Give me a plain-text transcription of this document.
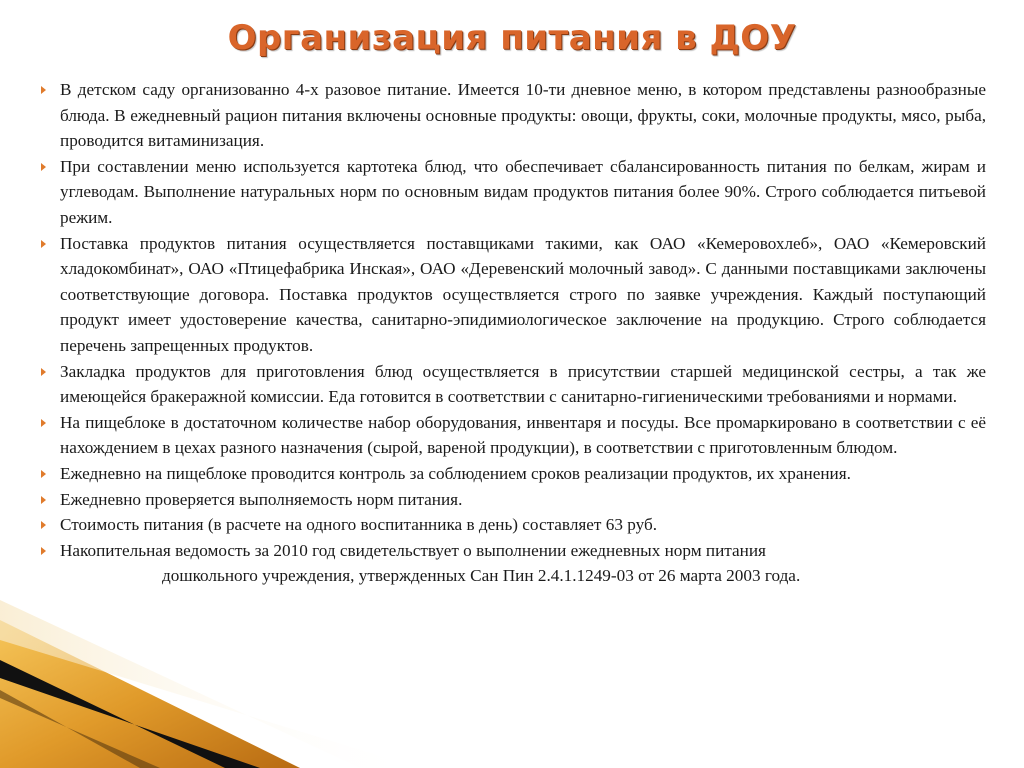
Организация питания в ДОУ

В детском саду организованно 4-х разовое питание. Имеется 10-ти дневное меню, в котором представлены разнообразные блюда. В ежедневный рацион питания включены основные продукты: овощи, фрукты, соки, молочные продукты, мясо, рыба, проводится витаминизация.

При составлении меню используется картотека блюд, что обеспечивает сбалансированность питания по белкам, жирам и углеводам. Выполнение натуральных норм по основным видам продуктов питания более 90%. Строго соблюдается питьевой режим.

Поставка продуктов питания осуществляется поставщиками такими, как ОАО «Кемеровохлеб», ОАО «Кемеровский хладокомбинат», ОАО «Птицефабрика Инская», ОАО «Деревенский молочный завод». С данными поставщиками заключены соответствующие договора. Поставка продуктов осуществляется строго по заявке учреждения. Каждый поступающий продукт имеет удостоверение качества, санитарно-эпидимиологическое заключение на продукцию. Строго соблюдается перечень запрещенных продуктов.

Закладка продуктов для приготовления блюд осуществляется в присутствии старшей медицинской сестры, а так же имеющейся бракеражной комиссии. Еда готовится в соответствии с санитарно-гигиеническими требованиями и нормами.

На пищеблоке в достаточном количестве набор оборудования, инвентаря и посуды. Все промаркировано в соответствии с её нахождением в цехах разного назначения (сырой, вареной продукции), в соответствии с приготовленным блюдом.

Ежедневно на пищеблоке проводится контроль за соблюдением сроков реализации продуктов, их хранения.

Ежедневно проверяется выполняемость норм питания.

Стоимость питания (в расчете на одного воспитанника в день) составляет 63 руб.

Накопительная ведомость за 2010 год свидетельствует о выполнении ежедневных норм питания
дошкольного учреждения, утвержденных Сан Пин 2.4.1.1249-03 от 26 марта 2003 года.
